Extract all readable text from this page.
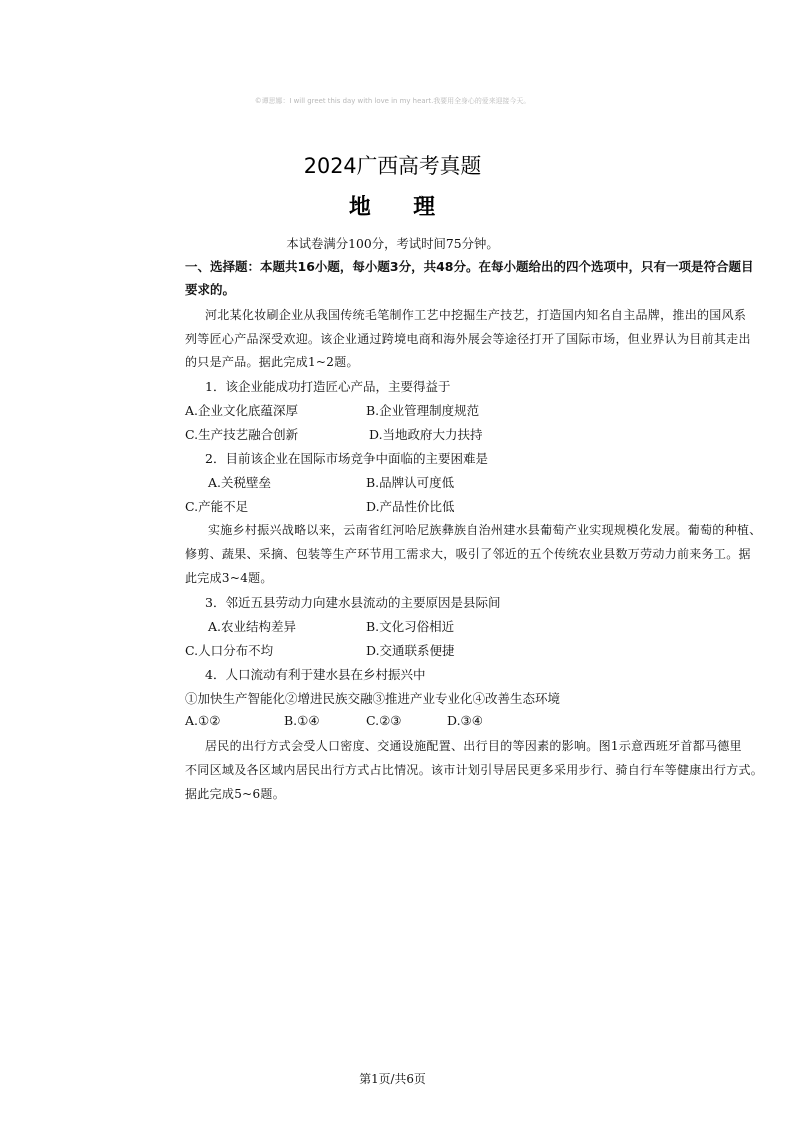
©谭思娜：I will greet this day with love in my heart.我要用全身心的爱来迎接今天。
2024广西高考真题
地 理
本试卷满分100分，考试时间75分钟。
一、选择题：本题共16小题，每小题3分，共48分。在每小题给出的四个选项中，只有一项是符合题目
要求的。
河北某化妆刷企业从我国传统毛笔制作工艺中挖掘生产技艺，打造国内知名自主品牌，推出的国风系
列等匠心产品深受欢迎。该企业通过跨境电商和海外展会等途径打开了国际市场，但业界认为目前其走出
的只是产品。据此完成1~2题。
1．该企业能成功打造匠心产品，主要得益于
A.企业文化底蕴深厚	B.企业管理制度规范
C.生产技艺融合创新	D.当地政府大力扶持
2．目前该企业在国际市场竞争中面临的主要困难是
A.关税壁垒	B.品牌认可度低
C.产能不足	D.产品性价比低
实施乡村振兴战略以来，云南省红河哈尼族彝族自治州建水县葡萄产业实现规模化发展。葡萄的种植、
修剪、蔬果、采摘、包装等生产环节用工需求大，吸引了邻近的五个传统农业县数万劳动力前来务工。据
此完成3~4题。
3．邻近五县劳动力向建水县流动的主要原因是县际间
A.农业结构差异	B.文化习俗相近
C.人口分布不均	D.交通联系便捷
4．人口流动有利于建水县在乡村振兴中
①加快生产智能化②增进民族交融③推进产业专业化④改善生态环境
A.①②	B.①④	C.②③	D.③④
居民的出行方式会受人口密度、交通设施配置、出行目的等因素的影响。图1示意西班牙首都马德里
不同区域及各区域内居民出行方式占比情况。该市计划引导居民更多采用步行、骑自行车等健康出行方式。
据此完成5~6题。
第1页/共6页
